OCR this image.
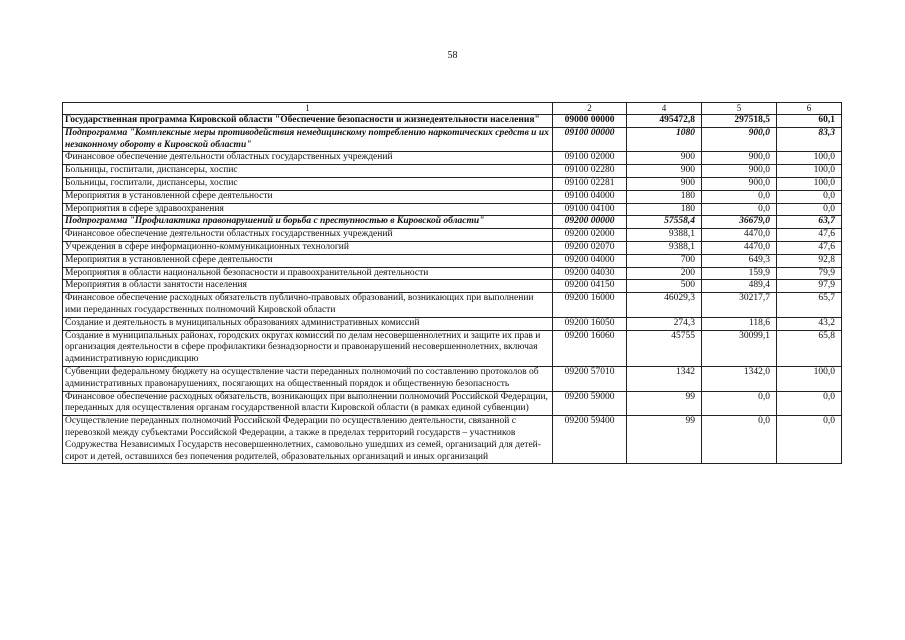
58
1	2	4	5	6
Государственная программа Кировской области "Обеспечение безопасности и жизнедеятельности населения"	09000 00000	495472,8	297518,5	60,1
Подпрограмма "Комплексные меры противодействия немедицинскому потреблению наркотических средств и их незаконному обороту в Кировской области"	09100 00000	1080	900,0	83,3
Финансовое обеспечение деятельности областных государственных учреждений	09100 02000	900	900,0	100,0
Больницы, госпитали, диспансеры, хоспис	09100 02280	900	900,0	100,0
Больницы, госпитали, диспансеры, хоспис	09100 02281	900	900,0	100,0
Мероприятия в установленной сфере деятельности	09100 04000	180	0,0	0,0
Мероприятия в сфере здравоохранения	09100 04100	180	0,0	0,0
Подпрограмма "Профилактика правонарушений и борьба с преступностью в Кировской области"	09200 00000	57558,4	36679,0	63,7
Финансовое обеспечение деятельности областных государственных учреждений	09200 02000	9388,1	4470,0	47,6
Учреждения в сфере информационно-коммуникационных технологий	09200 02070	9388,1	4470,0	47,6
Мероприятия в установленной сфере деятельности	09200 04000	700	649,3	92,8
Мероприятия в области национальной безопасности и правоохранительной деятельности	09200 04030	200	159,9	79,9
Мероприятия в области занятости населения	09200 04150	500	489,4	97,9
Финансовое обеспечение расходных обязательств публично-правовых образований, возникающих при выполнении ими переданных государственных полномочий Кировской области	09200 16000	46029,3	30217,7	65,7
Создание и деятельность в муниципальных образованиях административных комиссий	09200 16050	274,3	118,6	43,2
Создание в муниципальных районах, городских округах комиссий по делам несовершеннолетних и защите их прав и организация деятельности в сфере профилактики безнадзорности и правонарушений несовершеннолетних, включая административную юрисдикцию	09200 16060	45755	30099,1	65,8
Субвенции федеральному бюджету на осуществление части переданных полномочий по составлению протоколов об административных правонарушениях, посягающих на общественный порядок и общественную безопасность	09200 57010	1342	1342,0	100,0
Финансовое обеспечение расходных обязательств, возникающих при выполнении полномочий Российской Федерации, переданных для осуществления органам государственной власти Кировской области (в рамках единой субвенции)	09200 59000	99	0,0	0,0
Осуществление переданных полномочий Российской Федерации по осуществлению деятельности, связанной с перевозкой между субъектами Российской Федерации, а также в пределах территорий государств – участников Содружества Независимых Государств несовершеннолетних, самовольно ушедших из семей, организаций для детей-сирот и детей, оставшихся без попечения родителей, образовательных организаций и иных организаций	09200 59400	99	0,0	0,0
